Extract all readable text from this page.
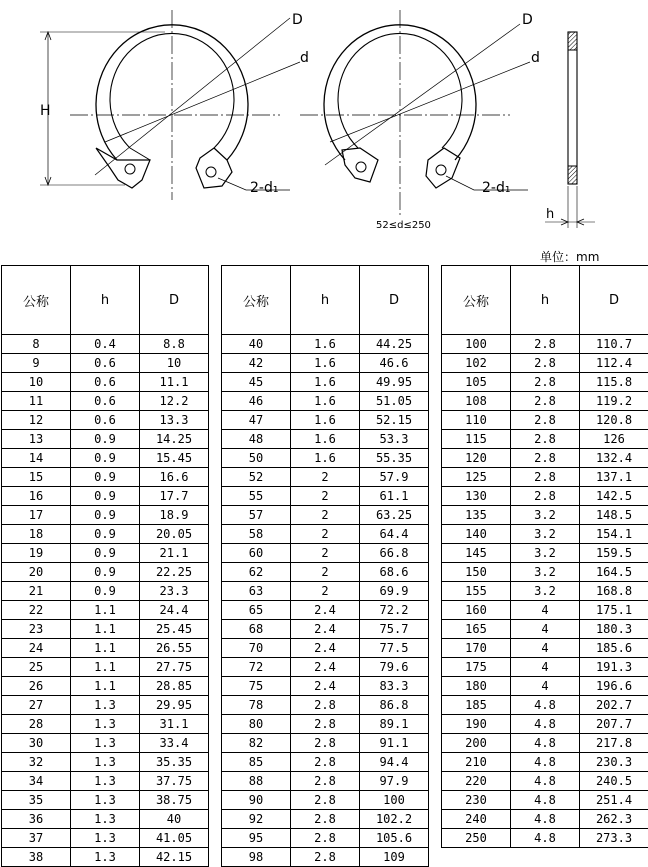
D
d
H
2-d₁
D
d
2-d₁
52≤d≤250
h
单位：mm
公称	h	D
8	0.4	8.8
9	0.6	10
10	0.6	11.1
11	0.6	12.2
12	0.6	13.3
13	0.9	14.25
14	0.9	15.45
15	0.9	16.6
16	0.9	17.7
17	0.9	18.9
18	0.9	20.05
19	0.9	21.1
20	0.9	22.25
21	0.9	23.3
22	1.1	24.4
23	1.1	25.45
24	1.1	26.55
25	1.1	27.75
26	1.1	28.85
27	1.3	29.95
28	1.3	31.1
30	1.3	33.4
32	1.3	35.35
34	1.3	37.75
35	1.3	38.75
36	1.3	40
37	1.3	41.05
38	1.3	42.15
公称	h	D
40	1.6	44.25
42	1.6	46.6
45	1.6	49.95
46	1.6	51.05
47	1.6	52.15
48	1.6	53.3
50	1.6	55.35
52	2	57.9
55	2	61.1
57	2	63.25
58	2	64.4
60	2	66.8
62	2	68.6
63	2	69.9
65	2.4	72.2
68	2.4	75.7
70	2.4	77.5
72	2.4	79.6
75	2.4	83.3
78	2.8	86.8
80	2.8	89.1
82	2.8	91.1
85	2.8	94.4
88	2.8	97.9
90	2.8	100
92	2.8	102.2
95	2.8	105.6
98	2.8	109
公称	h	D
100	2.8	110.7
102	2.8	112.4
105	2.8	115.8
108	2.8	119.2
110	2.8	120.8
115	2.8	126
120	2.8	132.4
125	2.8	137.1
130	2.8	142.5
135	3.2	148.5
140	3.2	154.1
145	3.2	159.5
150	3.2	164.5
155	3.2	168.8
160	4	175.1
165	4	180.3
170	4	185.6
175	4	191.3
180	4	196.6
185	4.8	202.7
190	4.8	207.7
200	4.8	217.8
210	4.8	230.3
220	4.8	240.5
230	4.8	251.4
240	4.8	262.3
250	4.8	273.3
